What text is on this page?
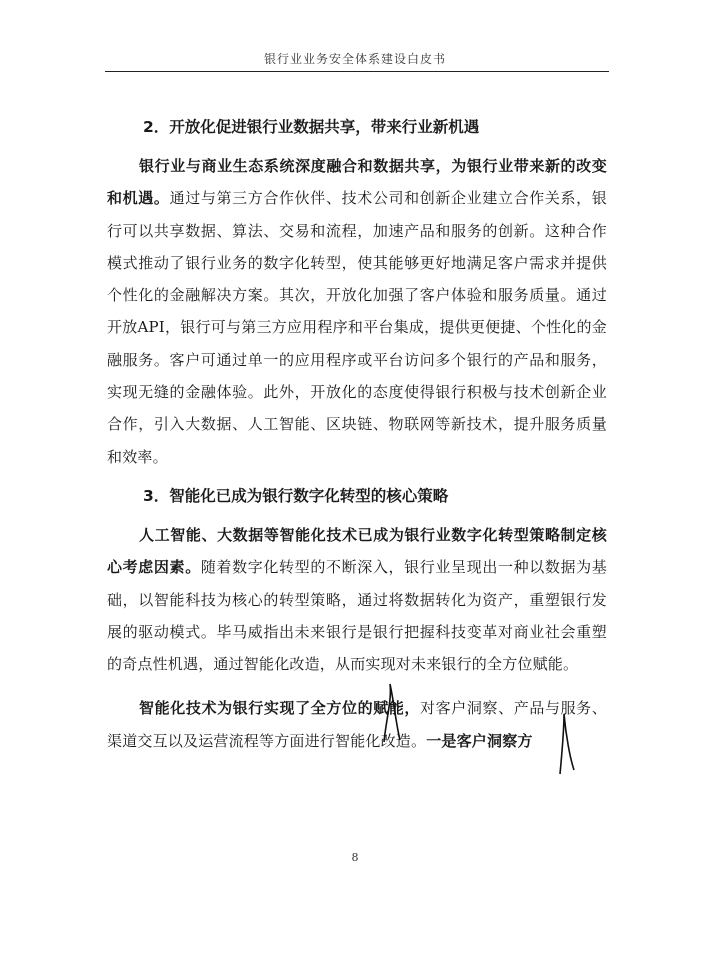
银行业业务安全体系建设白皮书

2．开放化促进银行业数据共享，带来行业新机遇

银行业与商业生态系统深度融合和数据共享，为银行业带来新的改变和机遇。通过与第三方合作伙伴、技术公司和创新企业建立合作关系，银行可以共享数据、算法、交易和流程，加速产品和服务的创新。这种合作模式推动了银行业务的数字化转型，使其能够更好地满足客户需求并提供个性化的金融解决方案。其次，开放化加强了客户体验和服务质量。通过开放API，银行可与第三方应用程序和平台集成，提供更便捷、个性化的金融服务。客户可通过单一的应用程序或平台访问多个银行的产品和服务，实现无缝的金融体验。此外，开放化的态度使得银行积极与技术创新企业合作，引入大数据、人工智能、区块链、物联网等新技术，提升服务质量和效率。

3．智能化已成为银行数字化转型的核心策略

人工智能、大数据等智能化技术已成为银行业数字化转型策略制定核心考虑因素。随着数字化转型的不断深入，银行业呈现出一种以数据为基础，以智能科技为核心的转型策略，通过将数据转化为资产，重塑银行发展的驱动模式。毕马威指出未来银行是银行把握科技变革对商业社会重塑的奇点性机遇，通过智能化改造，从而实现对未来银行的全方位赋能。

智能化技术为银行实现了全方位的赋能，对客户洞察、产品与服务、渠道交互以及运营流程等方面进行智能化改造。一是客户洞察方

8
